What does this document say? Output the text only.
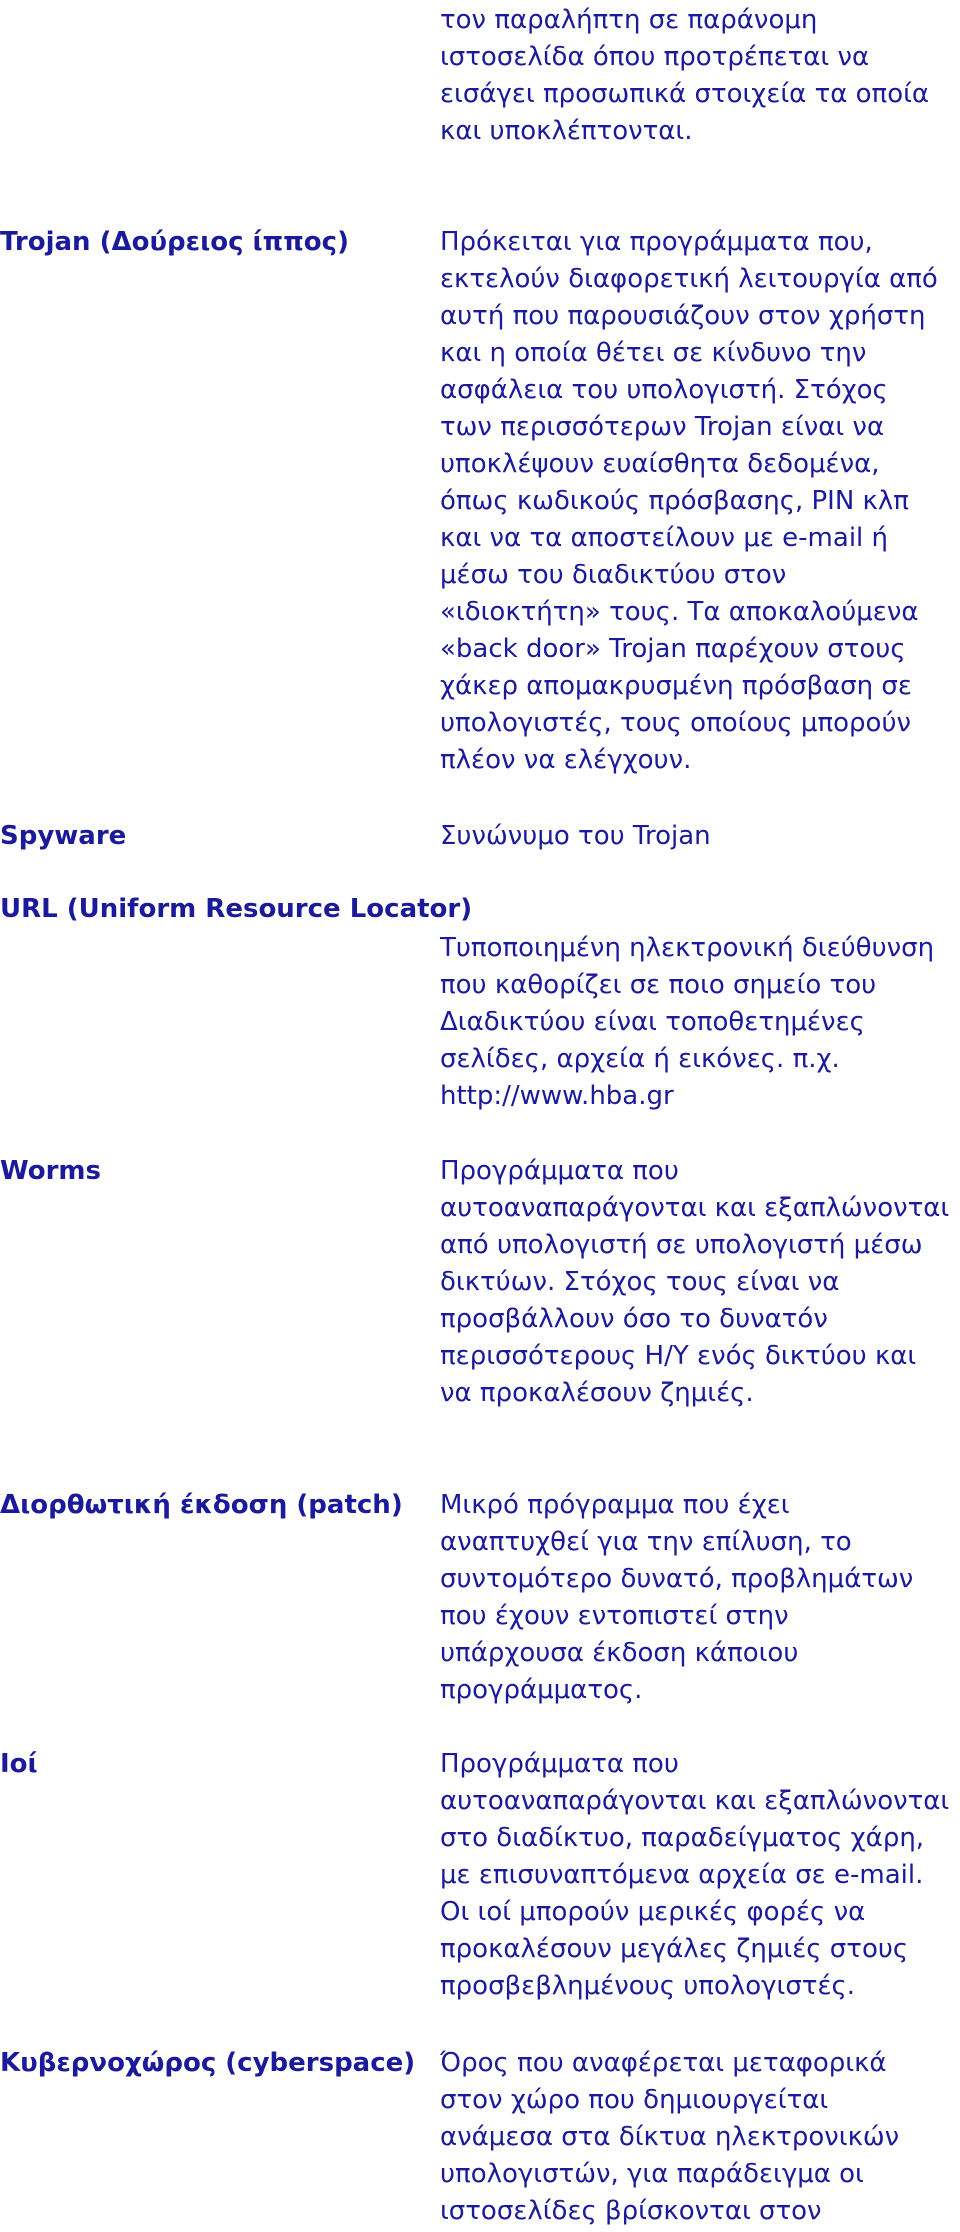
τον παραλήπτη σε παράνομη
ιστοσελίδα όπου προτρέπεται να
εισάγει προσωπικά στοιχεία τα οποία
και υποκλέπτονται.
Trojan (Δούρειος ίππος)	Πρόκειται για προγράμματα που,
εκτελούν διαφορετική λειτουργία από
αυτή που παρουσιάζουν στον χρήστη
και η οποία θέτει σε κίνδυνο την
ασφάλεια του υπολογιστή. Στόχος
των περισσότερων Trojan είναι να
υποκλέψουν ευαίσθητα δεδομένα,
όπως κωδικούς πρόσβασης, PIN κλπ
και να τα αποστείλουν με e-mail ή
μέσω του διαδικτύου στον
«ιδιοκτήτη» τους. Τα αποκαλούμενα
«back door» Trojan παρέχουν στους
χάκερ απομακρυσμένη πρόσβαση σε
υπολογιστές, τους οποίους μπορούν
πλέον να ελέγχουν.
Spyware	Συνώνυμο του Trojan
URL (Uniform Resource Locator)
Τυποποιημένη ηλεκτρονική διεύθυνση
που καθορίζει σε ποιο σημείο του
Διαδικτύου είναι τοποθετημένες
σελίδες, αρχεία ή εικόνες. π.χ.
http://www.hba.gr
Worms	Προγράμματα που
αυτοαναπαράγονται και εξαπλώνονται
από υπολογιστή σε υπολογιστή μέσω
δικτύων. Στόχος τους είναι να
προσβάλλουν όσο το δυνατόν
περισσότερους Η/Υ ενός δικτύου και
να προκαλέσουν ζημιές.
Διορθωτική έκδοση (patch) Μικρό πρόγραμμα που έχει
αναπτυχθεί για την επίλυση, το
συντομότερο δυνατό, προβλημάτων
που έχουν εντοπιστεί στην
υπάρχουσα έκδοση κάποιου
προγράμματος.
Ιοί	Προγράμματα που
αυτοαναπαράγονται και εξαπλώνονται
στο διαδίκτυο, παραδείγματος χάρη,
με επισυναπτόμενα αρχεία σε e-mail.
Οι ιοί μπορούν μερικές φορές να
προκαλέσουν μεγάλες ζημιές στους
προσβεβλημένους υπολογιστές.
Κυβερνοχώρος (cyberspace) Όρος που αναφέρεται μεταφορικά
στον χώρο που δημιουργείται
ανάμεσα στα δίκτυα ηλεκτρονικών
υπολογιστών, για παράδειγμα οι
ιστοσελίδες βρίσκονται στον
